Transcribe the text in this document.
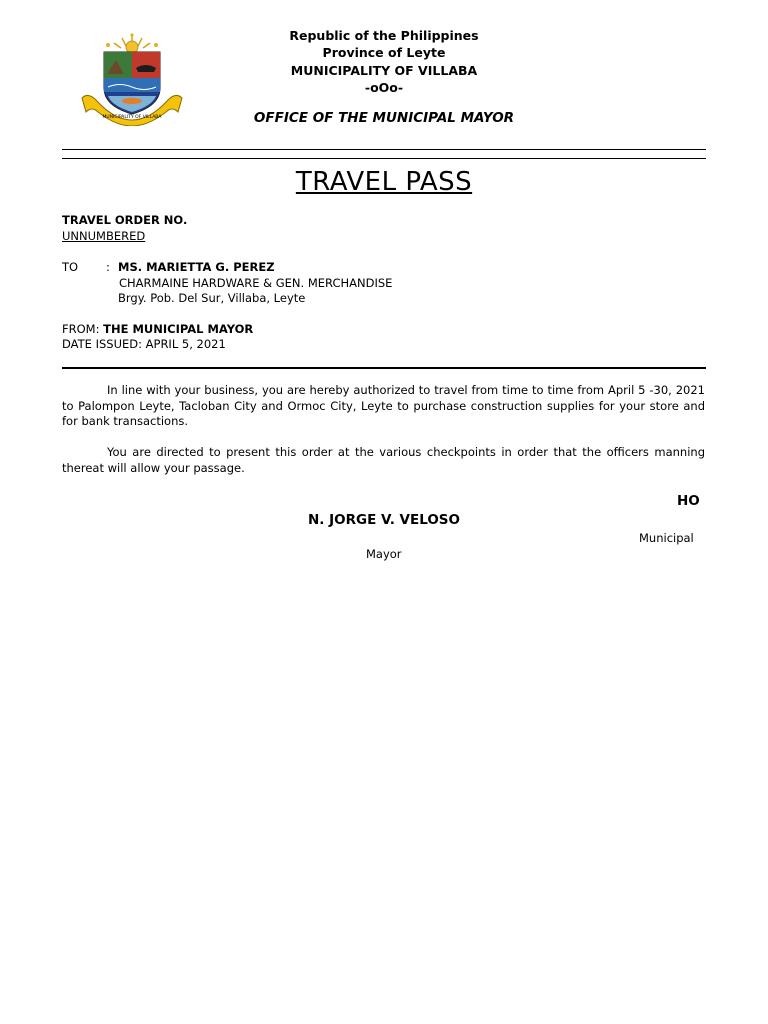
MUNICIPALITY OF VILLABA
Republic of the Philippines
Province of Leyte
MUNICIPALITY OF VILLABA
-oOo-
OFFICE OF THE MUNICIPAL MAYOR
TRAVEL PASS
TRAVEL ORDER NO.
UNNUMBERED
TO : MS. MARIETTA G. PEREZ
CHARMAINE HARDWARE & GEN. MERCHANDISE
Brgy. Pob. Del Sur, Villaba, Leyte
FROM: THE MUNICIPAL MAYOR
DATE ISSUED: APRIL 5, 2021
In line with your business, you are hereby authorized to travel from time to time from April 5 -30, 2021 to Palompon Leyte, Tacloban City and Ormoc City, Leyte to purchase construction supplies for your store and for bank transactions.
You are directed to present this order at the various checkpoints in order that the officers manning thereat will allow your passage.
HO
N. JORGE V. VELOSO
Municipal
Mayor
